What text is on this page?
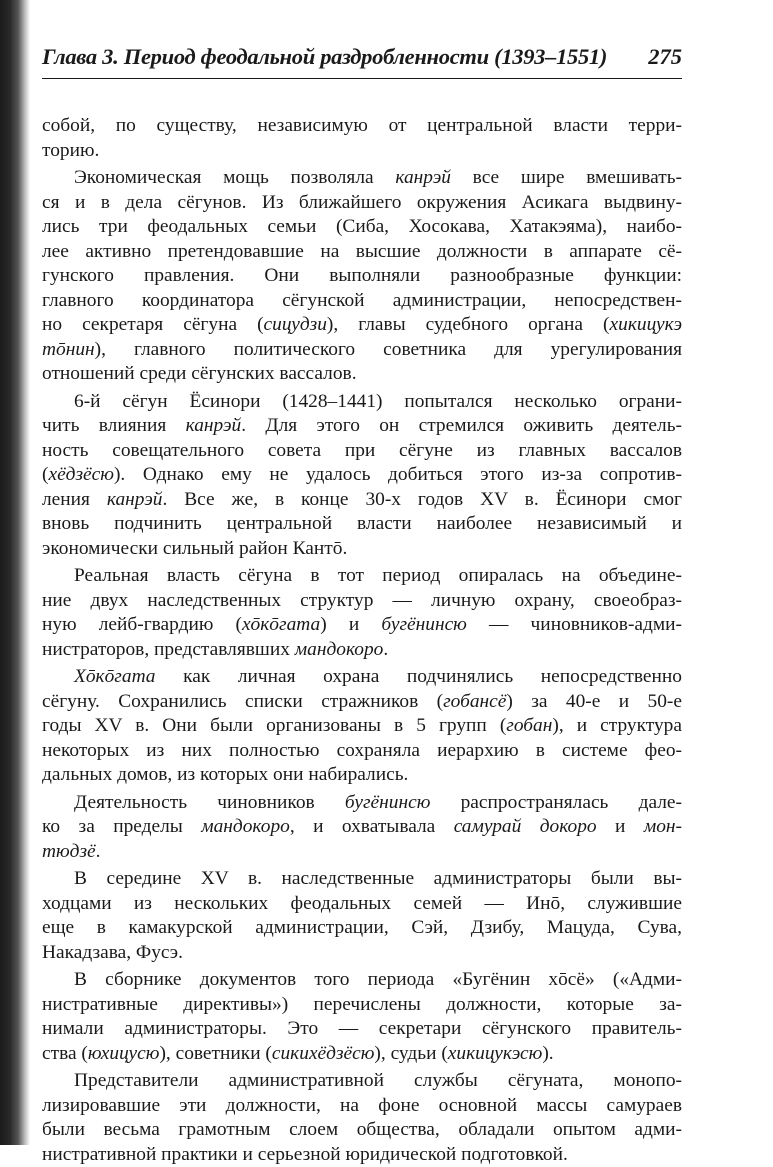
Глава 3. Период феодальной раздробленности (1393–1551) 275
собой, по существу, независимую от центральной власти терри-
торию.
Экономическая мощь позволяла канрэй все шире вмешивать-
ся и в дела сёгунов. Из ближайшего окружения Асикага выдвину-
лись три феодальных семьи (Сиба, Хосокава, Хатакэяма), наибо-
лее активно претендовавшие на высшие должности в аппарате сё-
гунского правления. Они выполняли разнообразные функции:
главного координатора сёгунской администрации, непосредствен-
но секретаря сёгуна (сицудзи), главы судебного органа (хикицукэ
тōнин), главного политического советника для урегулирования
отношений среди сёгунских вассалов.
6-й сёгун Ёсинори (1428–1441) попытался несколько ограни-
чить влияния канрэй. Для этого он стремился оживить деятель-
ность совещательного совета при сёгуне из главных вассалов
(хёдзёсю). Однако ему не удалось добиться этого из-за сопротив-
ления канрэй. Все же, в конце 30-х годов XV в. Ёсинори смог
вновь подчинить центральной власти наиболее независимый и
экономически сильный район Кантō.
Реальная власть сёгуна в тот период опиралась на объедине-
ние двух наследственных структур — личную охрану, своеобраз-
ную лейб-гвардию (хōкōгата) и бугёнинсю — чиновников-адми-
нистраторов, представлявших мандокоро.
Хōкōгата как личная охрана подчинялись непосредственно
сёгуну. Сохранились списки стражников (гобансё) за 40-е и 50-е
годы XV в. Они были организованы в 5 групп (гобан), и структура
некоторых из них полностью сохраняла иерархию в системе фео-
дальных домов, из которых они набирались.
Деятельность чиновников бугёнинсю распространялась дале-
ко за пределы мандокоро, и охватывала самурай докоро и мон-
тюдзё.
В середине XV в. наследственные администраторы были вы-
ходцами из нескольких феодальных семей — Инō, служившие
еще в камакурской администрации, Сэй, Дзибу, Мацуда, Сува,
Накадзава, Фусэ.
В сборнике документов того периода «Бугёнин хōсё» («Адми-
нистративные директивы») перечислены должности, которые за-
нимали администраторы. Это — секретари сёгунского правитель-
ства (юхицусю), советники (сикихёдзёсю), судьи (хикицукэсю).
Представители административной службы сёгуната, монопо-
лизировавшие эти должности, на фоне основной массы самураев
были весьма грамотным слоем общества, обладали опытом адми-
нистративной практики и серьезной юридической подготовкой.
